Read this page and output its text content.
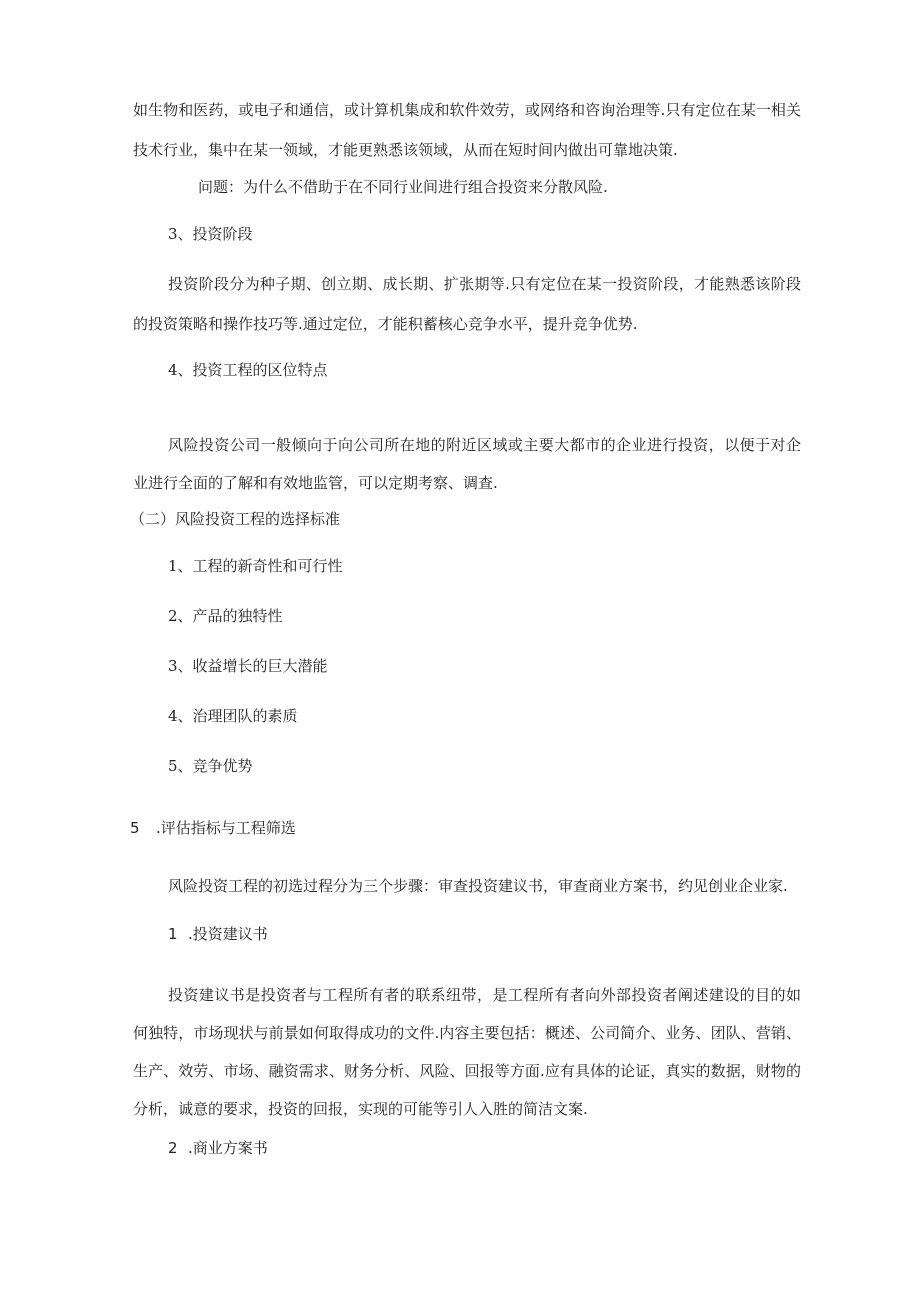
如生物和医药，或电子和通信，或计算机集成和软件效劳，或网络和咨询治理等.只有定位在某一相关
技术行业，集中在某一领域，才能更熟悉该领域，从而在短时间内做出可靠地决策.
问题：为什么不借助于在不同行业间进行组合投资来分散风险.
3、投资阶段
投资阶段分为种子期、创立期、成长期、扩张期等.只有定位在某一投资阶段，才能熟悉该阶段
的投资策略和操作技巧等.通过定位，才能积蓄核心竞争水平，提升竞争优势.
4、投资工程的区位特点
风险投资公司一般倾向于向公司所在地的附近区域或主要大都市的企业进行投资，以便于对企
业进行全面的了解和有效地监管，可以定期考察、调查.
（二）风险投资工程的选择标准
1、工程的新奇性和可行性
2、产品的独特性
3、收益增长的巨大潜能
4、治理团队的素质
5、竞争优势
5 .评估指标与工程筛选
风险投资工程的初选过程分为三个步骤：审查投资建议书，审查商业方案书，约见创业企业家.
1 .投资建议书
投资建议书是投资者与工程所有者的联系纽带，是工程所有者向外部投资者阐述建设的目的如
何独特，市场现状与前景如何取得成功的文件.内容主要包括：概述、公司简介、业务、团队、营销、
生产、效劳、市场、融资需求、财务分析、风险、回报等方面.应有具体的论证，真实的数据，财物的
分析，诚意的要求，投资的回报，实现的可能等引人入胜的简洁文案.
2 .商业方案书
